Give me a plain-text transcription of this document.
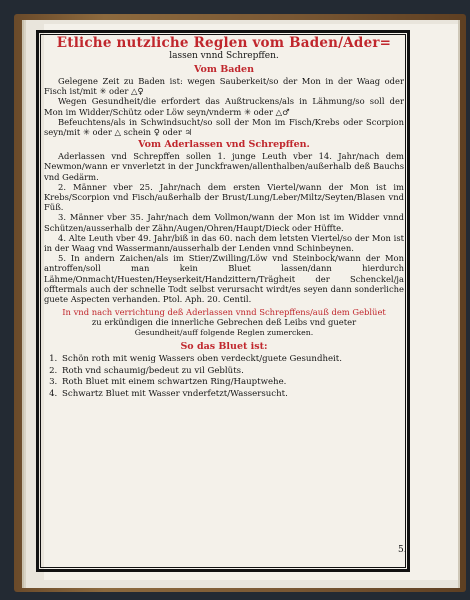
Etliche nutzliche Reglen vom Baden/Ader=
lassen vnnd Schrepffen.
Vom Baden

Gelegene Zeit zu Baden ist: wegen Sauberkeit/so der Mon in der Waag oder Fisch ist/mit ✳ oder △♀

Wegen Gesundheit/die erfordert das Außtruckens/als in Lähmung/so soll der Mon im Widder/Schütz oder Löw seyn/vnderm ✳ oder △♂

Befeuchtens/als in Schwindsucht/so soll der Mon im Fisch/Krebs oder Scorpion seyn/mit ✳ oder △ schein ♀ oder ♃

Vom Aderlassen vnd Schrepffen.

Aderlassen vnd Schrepffen sollen 1. junge Leuth vber 14. Jahr/nach dem Newmon/wann er vnverletzt in der Junckfrawen/allenthalben/außerhalb deß Bauchs vnd Gedärm.

2. Männer vber 25. Jahr/nach dem ersten Viertel/wann der Mon ist im Krebs/Scorpion vnd Fisch/außerhalb der Brust/Lung/Leber/Miltz/Seyten/Blasen vnd Füß.

3. Männer vber 35. Jahr/nach dem Vollmon/wann der Mon ist im Widder vnnd Schützen/ausserhalb der Zähn/Augen/Ohren/Haupt/Dieck oder Hüffte.

4. Alte Leuth vber 49. Jahr/biß in das 60. nach dem letsten Viertel/so der Mon ist in der Waag vnd Wassermann/ausserhalb der Lenden vnnd Schinbeynen.

5. In andern Zaichen/als im Stier/Zwilling/Löw vnd Steinbock/wann der Mon antroffen/soll man kein Bluet lassen/dann hierdurch Lähme/Onmacht/Huesten/Heyserkeit/Handzittern/Trägheit der Schenckel/ja offtermals auch der schnelle Todt selbst verursacht wirdt/es seyen dann sonderliche guete Aspecten verhanden. Ptol. Aph. 20. Centil.

In vnd nach verrichtung deß Aderlassen vnnd Schrepffens/auß dem Geblüet

zu erkündigen die innerliche Gebrechen deß Leibs vnd gueter

Gesundheit/auff folgende Reglen zumercken.

So das Bluet ist:
1. Schön roth mit wenig Wassers oben verdeckt/guete Gesundheit.
2. Roth vnd schaumig/bedeut zu vil Geblüts.
3. Roth Bluet mit einem schwartzen Ring/Hauptwehe.
4. Schwartz Bluet mit Wasser vnderfetzt/Wassersucht.
5.
